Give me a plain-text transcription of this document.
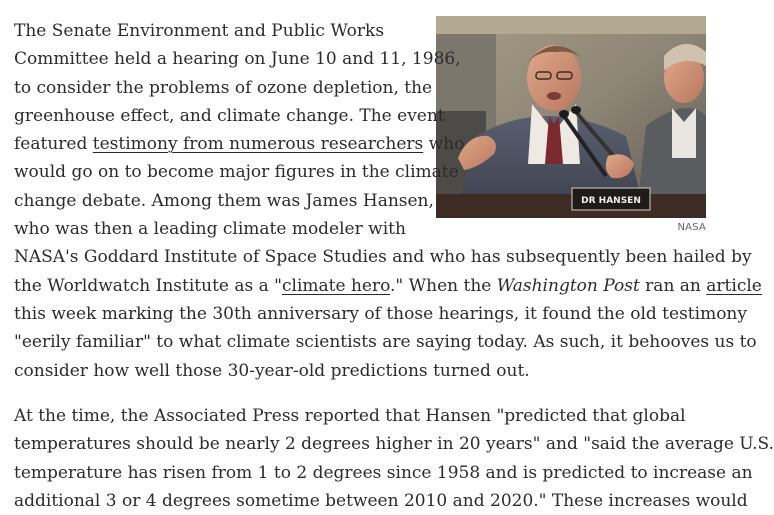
DR HANSEN
NASA

The Senate Environment and Public Works
Committee held a hearing on June 10 and 11, 1986,
to consider the problems of ozone depletion, the
greenhouse effect, and climate change. The event
featured testimony from numerous researchers who
would go on to become major figures in the climate
change debate. Among them was James Hansen,
who was then a leading climate modeler with
NASA's Goddard Institute of Space Studies and who has subsequently been hailed by
the Worldwatch Institute as a "climate hero." When the Washington Post ran an article
this week marking the 30th anniversary of those hearings, it found the old testimony
"eerily familiar" to what climate scientists are saying today. As such, it behooves us to
consider how well those 30-year-old predictions turned out.

At the time, the Associated Press reported that Hansen "predicted that global
temperatures should be nearly 2 degrees higher in 20 years" and "said the average U.S.
temperature has risen from 1 to 2 degrees since 1958 and is predicted to increase an
additional 3 or 4 degrees sometime between 2010 and 2020." These increases would
